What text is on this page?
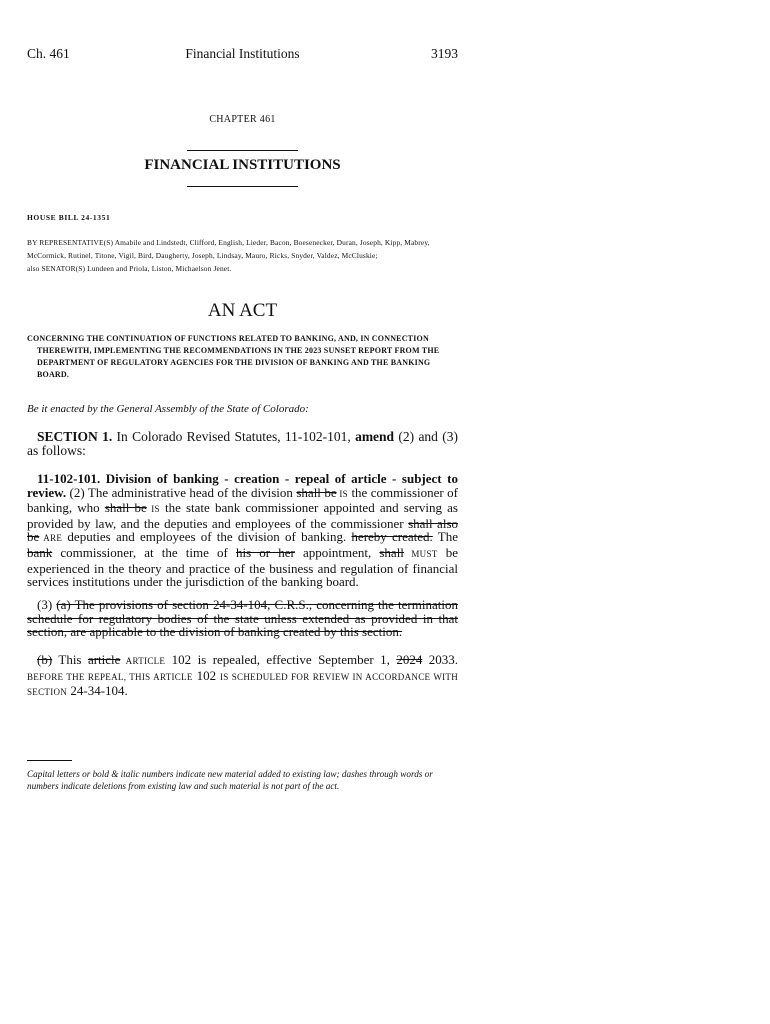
Ch. 461	Financial Institutions	3193
CHAPTER 461
FINANCIAL INSTITUTIONS
HOUSE BILL 24-1351
BY REPRESENTATIVE(S) Amabile and Lindstedt, Clifford, English, Lieder, Bacon, Boesenecker, Duran, Joseph, Kipp, Mabrey,
McCormick, Rutinel, Titone, Vigil, Bird, Daugherty, Joseph, Lindsay, Mauro, Ricks, Snyder, Valdez, McCluskie;
also SENATOR(S) Lundeen and Priola, Liston, Michaelson Jenet.
AN ACT
CONCERNING THE CONTINUATION OF FUNCTIONS RELATED TO BANKING, AND, IN CONNECTION
THEREWITH, IMPLEMENTING THE RECOMMENDATIONS IN THE 2023 SUNSET REPORT FROM THE
DEPARTMENT OF REGULATORY AGENCIES FOR THE DIVISION OF BANKING AND THE BANKING
BOARD.
Be it enacted by the General Assembly of the State of Colorado:
SECTION 1. In Colorado Revised Statutes, 11-102-101, amend (2) and (3) as follows:
11-102-101. Division of banking - creation - repeal of article - subject to review. (2) The administrative head of the division shall be IS the commissioner of banking, who shall be IS the state bank commissioner appointed and serving as provided by law, and the deputies and employees of the commissioner shall also be ARE deputies and employees of the division of banking. hereby created. The bank commissioner, at the time of his or her appointment, shall MUST be experienced in the theory and practice of the business and regulation of financial services institutions under the jurisdiction of the banking board.
(3) (a) The provisions of section 24-34-104, C.R.S., concerning the termination schedule for regulatory bodies of the state unless extended as provided in that section, are applicable to the division of banking created by this section.
(b) This article ARTICLE 102 is repealed, effective September 1, 2024 2033. BEFORE THE REPEAL, THIS ARTICLE 102 IS SCHEDULED FOR REVIEW IN ACCORDANCE WITH SECTION 24-34-104.
Capital letters or bold & italic numbers indicate new material added to existing law; dashes through words or numbers indicate deletions from existing law and such material is not part of the act.
